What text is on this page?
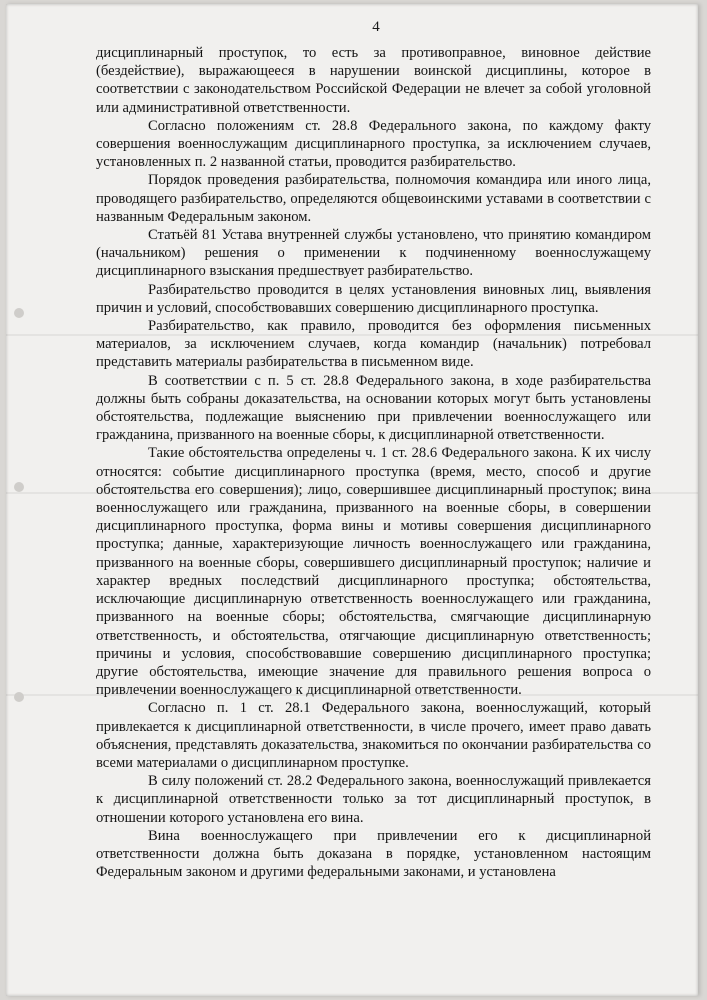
4

дисциплинарный проступок, то есть за противоправное, виновное действие (бездействие), выражающееся в нарушении воинской дисциплины, которое в соответствии с законодательством Российской Федерации не влечет за собой уголовной или административной ответственности.

Согласно положениям ст. 28.8 Федерального закона, по каждому факту совершения военнослужащим дисциплинарного проступка, за исключением случаев, установленных п. 2 названной статьи, проводится разбирательство.

Порядок проведения разбирательства, полномочия командира или иного лица, проводящего разбирательство, определяются общевоинскими уставами в соответствии с названным Федеральным законом.

Статьёй 81 Устава внутренней службы установлено, что принятию командиром (начальником) решения о применении к подчиненному военнослужащему дисциплинарного взыскания предшествует разбирательство.

Разбирательство проводится в целях установления виновных лиц, выявления причин и условий, способствовавших совершению дисциплинарного проступка.

Разбирательство, как правило, проводится без оформления письменных материалов, за исключением случаев, когда командир (начальник) потребовал представить материалы разбирательства в письменном виде.

В соответствии с п. 5 ст. 28.8 Федерального закона, в ходе разбирательства должны быть собраны доказательства, на основании которых могут быть установлены обстоятельства, подлежащие выяснению при привлечении военнослужащего или гражданина, призванного на военные сборы, к дисциплинарной ответственности.

Такие обстоятельства определены ч. 1 ст. 28.6 Федерального закона. К их числу относятся: событие дисциплинарного проступка (время, место, способ и другие обстоятельства его совершения); лицо, совершившее дисциплинарный проступок; вина военнослужащего или гражданина, призванного на военные сборы, в совершении дисциплинарного проступка, форма вины и мотивы совершения дисциплинарного проступка; данные, характеризующие личность военнослужащего или гражданина, призванного на военные сборы, совершившего дисциплинарный проступок; наличие и характер вредных последствий дисциплинарного проступка; обстоятельства, исключающие дисциплинарную ответственность военнослужащего или гражданина, призванного на военные сборы; обстоятельства, смягчающие дисциплинарную ответственность, и обстоятельства, отягчающие дисциплинарную ответственность; причины и условия, способствовавшие совершению дисциплинарного проступка; другие обстоятельства, имеющие значение для правильного решения вопроса о привлечении военнослужащего к дисциплинарной ответственности.

Согласно п. 1 ст. 28.1 Федерального закона, военнослужащий, который привлекается к дисциплинарной ответственности, в числе прочего, имеет право давать объяснения, представлять доказательства, знакомиться по окончании разбирательства со всеми материалами о дисциплинарном проступке.

В силу положений ст. 28.2 Федерального закона, военнослужащий привлекается к дисциплинарной ответственности только за тот дисциплинарный проступок, в отношении которого установлена его вина.

Вина военнослужащего при привлечении его к дисциплинарной ответственности должна быть доказана в порядке, установленном настоящим Федеральным законом и другими федеральными законами, и установлена
